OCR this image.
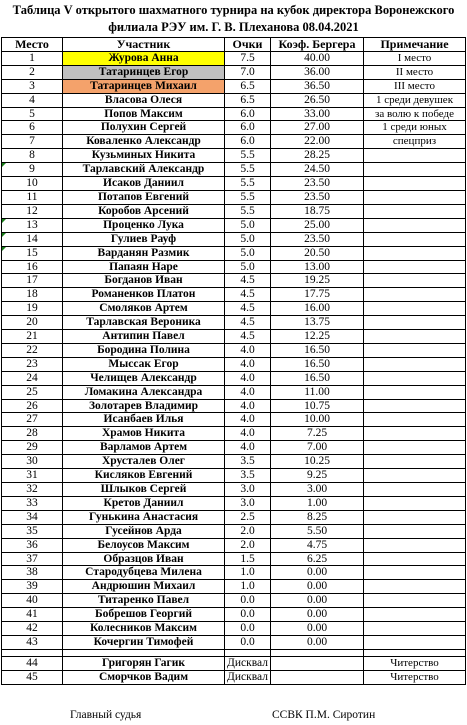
Таблица V открытого шахматного турнира на кубок директора Воронежского
филиала РЭУ им. Г. В. Плеханова 08.04.2021
Место	Участник	Очки	Коэф. Бергера	Примечание
1	Журова Анна	7.5	40.00	I место
2	Татаринцев Егор	7.0	36.00	II место
3	Татаринцев Михаил	6.5	36.50	III место
4	Власова Олеся	6.5	26.50	1 среди девушек
5	Попов Максим	6.0	33.00	за волю к победе
6	Полухин Сергей	6.0	27.00	1 среди юных
7	Коваленко Александр	6.0	22.00	спецприз
8	Кузьминых Никита	5.5	28.25	

9	Тарлавский Александр	5.5	24.50	
10	Исаков Даниил	5.5	23.50	
11	Потапов Евгений	5.5	23.50	
12	Коробов Арсений	5.5	18.75	

13	Проценко Лука	5.0	25.00	

14	Гулиев Рауф	5.0	23.50	

15	Варданян Размик	5.0	20.50	
16	Папаян Наре	5.0	13.00	
17	Богданов Иван	4.5	19.25	
18	Романенков Платон	4.5	17.75	
19	Смоляков Артем	4.5	16.00	
20	Тарлавская Вероника	4.5	13.75	
21	Антипин Павел	4.5	12.25	
22	Бородина Полина	4.0	16.50	
23	Мыссак Егор	4.0	16.50	
24	Челищев Александр	4.0	16.50	
25	Ломакина Александра	4.0	11.00	
26	Золотарев Владимир	4.0	10.75	
27	Исанбаев Илья	4.0	10.00	
28	Храмов Никита	4.0	7.25	
29	Варламов Артем	4.0	7.00	
30	Хрусталев Олег	3.5	10.25	
31	Кисляков Евгений	3.5	9.25	
32	Шлыков Сергей	3.0	3.00	
33	Кретов Даниил	3.0	1.00	
34	Гунькина Анастасия	2.5	8.25	
35	Гусейнов Арда	2.0	5.50	
36	Белоусов Максим	2.0	4.75	
37	Образцов Иван	1.5	6.25	
38	Стародубцева Милена	1.0	0.00	
39	Андрюшин Михаил	1.0	0.00	
40	Титаренко Павел	0.0	0.00	
41	Бобрешов Георгий	0.0	0.00	
42	Колесников Максим	0.0	0.00	
43	Кочергин Тимофей	0.0	0.00	

44	Григорян Гагик	Дисквал		Читерство
45	Сморчков Вадим	Дисквал		Читерство
Главный судья	ССВК П.М. Сиротин
